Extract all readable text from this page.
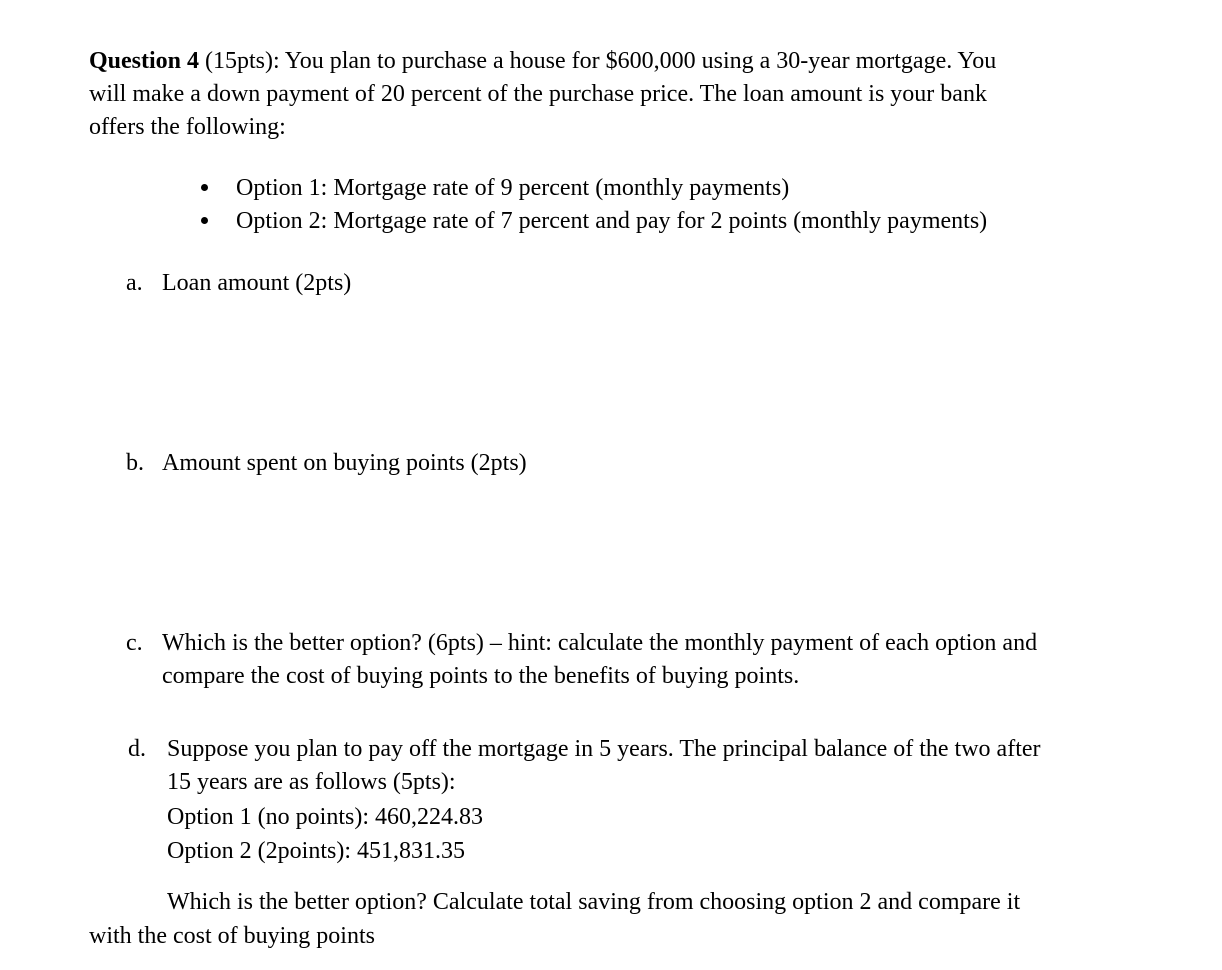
Question 4 (15pts): You plan to purchase a house for $600,000 using a 30-year mortgage. You
will make a down payment of 20 percent of the purchase price. The loan amount is your bank
offers the following:
Option 1: Mortgage rate of 9 percent (monthly payments)
Option 2: Mortgage rate of 7 percent and pay for 2 points (monthly payments)
a. Loan amount (2pts)
b. Amount spent on buying points (2pts)
c. Which is the better option? (6pts) – hint: calculate the monthly payment of each option and
compare the cost of buying points to the benefits of buying points.
d. Suppose you plan to pay off the mortgage in 5 years. The principal balance of the two after
15 years are as follows (5pts):
Option 1 (no points): 460,224.83
Option 2 (2points): 451,831.35
Which is the better option? Calculate total saving from choosing option 2 and compare it
with the cost of buying points
